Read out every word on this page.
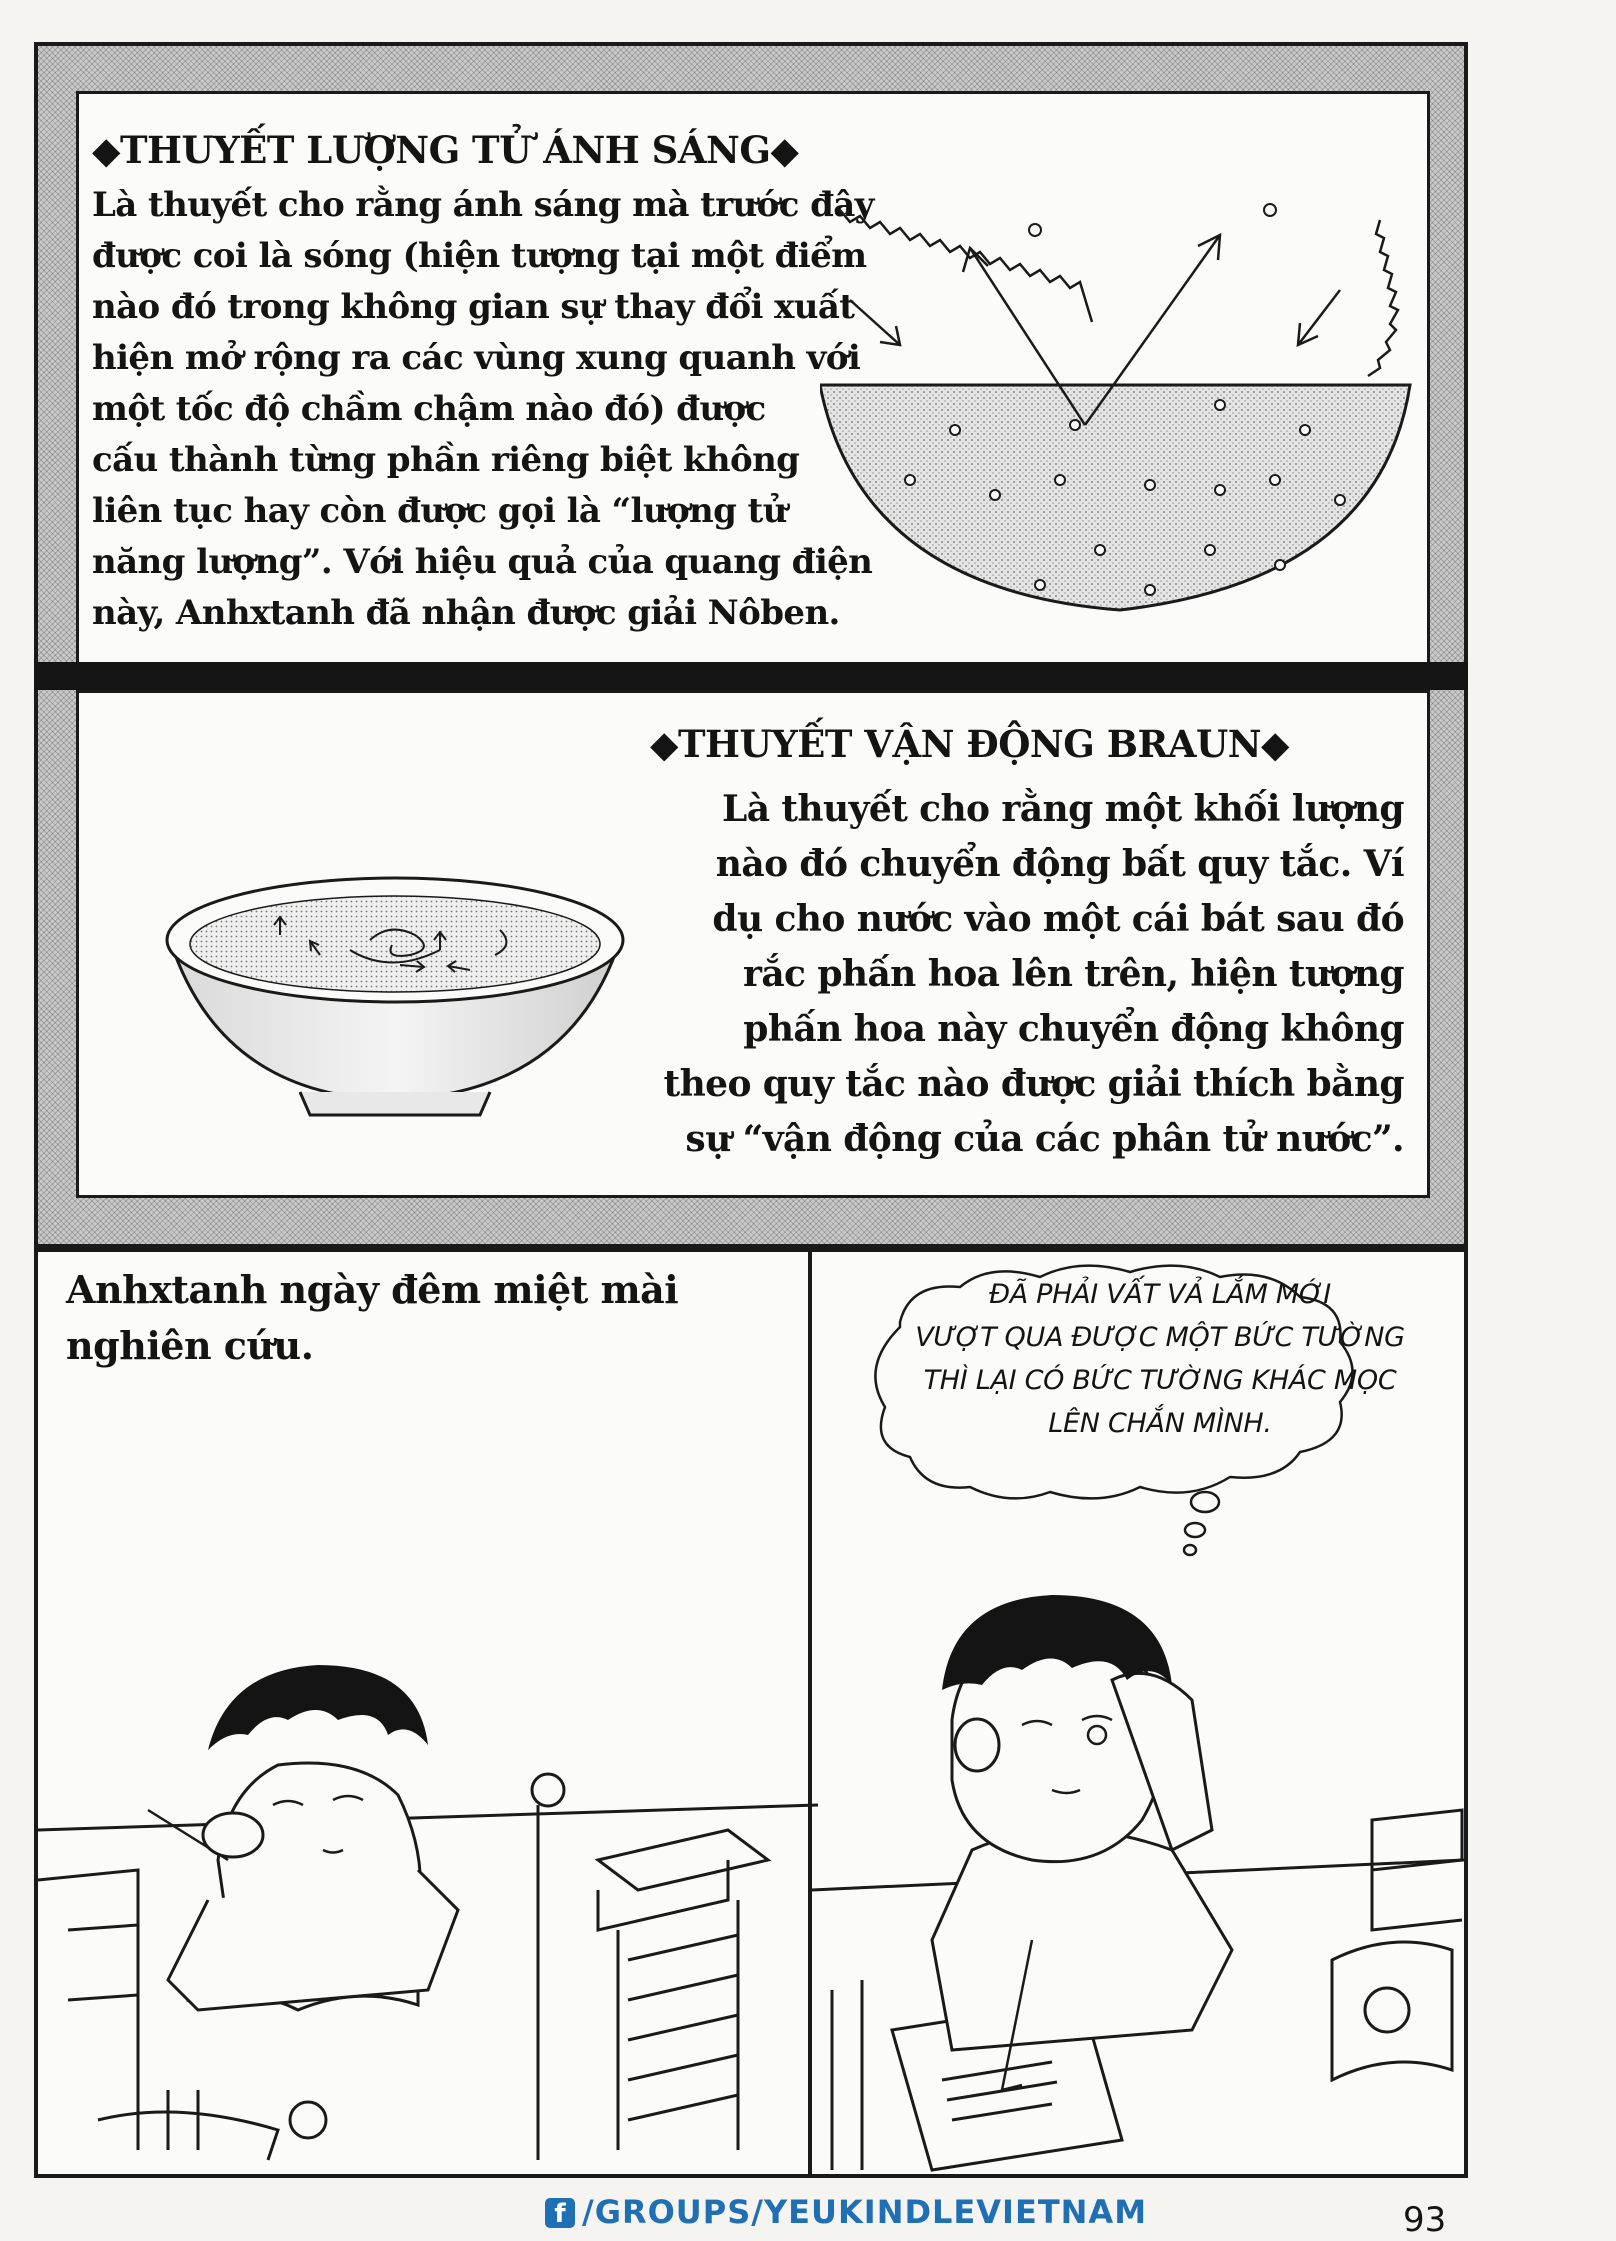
◆THUYẾT LƯỢNG TỬ ÁNH SÁNG◆
Là thuyết cho rằng ánh sáng mà trước đây
được coi là sóng (hiện tượng tại một điểm
nào đó trong không gian sự thay đổi xuất
hiện mở rộng ra các vùng xung quanh với
một tốc độ chầm chậm nào đó) được
cấu thành từng phần riêng biệt không
liên tục hay còn được gọi là “lượng tử
năng lượng”. Với hiệu quả của quang điện
này, Anhxtanh đã nhận được giải Nôben.
◆THUYẾT VẬN ĐỘNG BRAUN◆
Là thuyết cho rằng một khối lượng
nào đó chuyển động bất quy tắc. Ví
dụ cho nước vào một cái bát sau đó
rắc phấn hoa lên trên, hiện tượng
phấn hoa này chuyển động không
theo quy tắc nào được giải thích bằng
sự “vận động của các phân tử nước”.
Anhxtanh ngày đêm miệt mài
nghiên cứu.
ĐÃ PHẢI VẤT VẢ LẮM MỚI
VƯỢT QUA ĐƯỢC MỘT BỨC TƯỜNG
THÌ LẠI CÓ BỨC TƯỜNG KHÁC MỌC
LÊN CHẮN MÌNH.
f /GROUPS/YEUKINDLEVIETNAM	93
